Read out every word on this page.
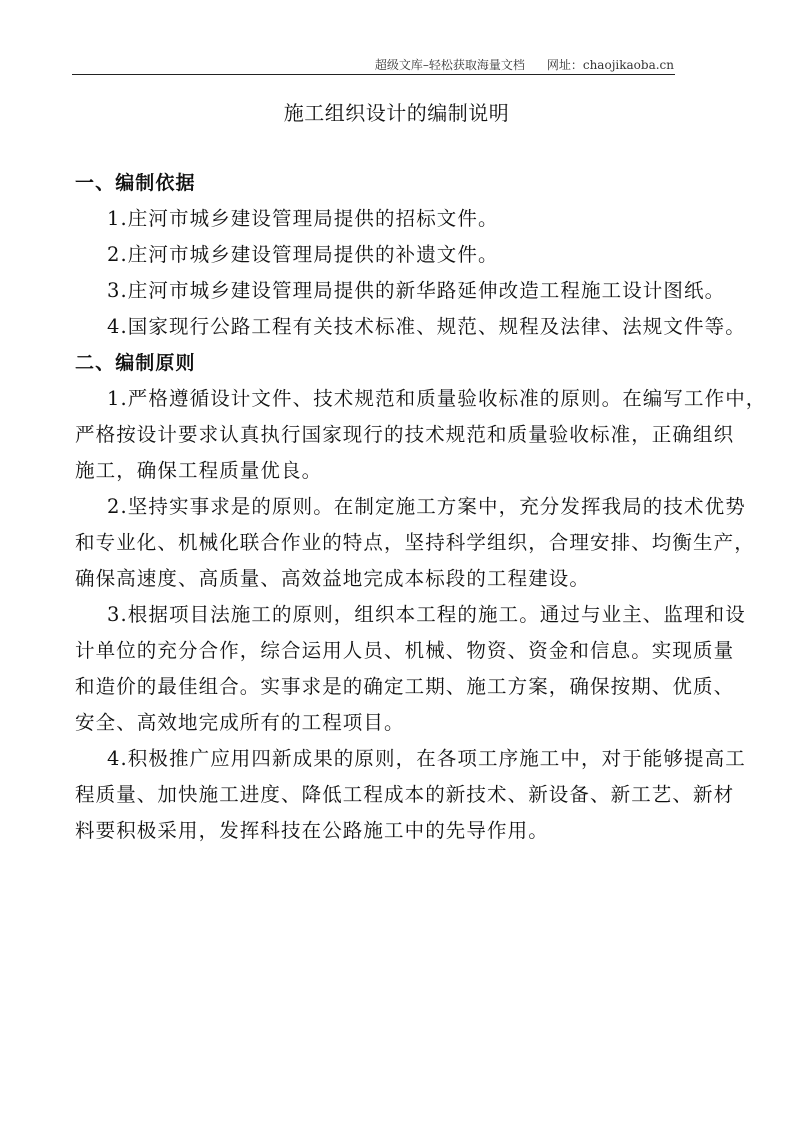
超级文库–轻松获取海量文档 网址：chaojikaoba.cn
施工组织设计的编制说明
一、编制依据
1.庄河市城乡建设管理局提供的招标文件。
2.庄河市城乡建设管理局提供的补遗文件。
3.庄河市城乡建设管理局提供的新华路延伸改造工程施工设计图纸。
4.国家现行公路工程有关技术标准、规范、规程及法律、法规文件等。
二、编制原则
1.严格遵循设计文件、技术规范和质量验收标准的原则。在编写工作中，
严格按设计要求认真执行国家现行的技术规范和质量验收标准，正确组织
施工，确保工程质量优良。
2.坚持实事求是的原则。在制定施工方案中，充分发挥我局的技术优势
和专业化、机械化联合作业的特点，坚持科学组织，合理安排、均衡生产，
确保高速度、高质量、高效益地完成本标段的工程建设。
3.根据项目法施工的原则，组织本工程的施工。通过与业主、监理和设
计单位的充分合作，综合运用人员、机械、物资、资金和信息。实现质量
和造价的最佳组合。实事求是的确定工期、施工方案，确保按期、优质、
安全、高效地完成所有的工程项目。
4.积极推广应用四新成果的原则，在各项工序施工中，对于能够提高工
程质量、加快施工进度、降低工程成本的新技术、新设备、新工艺、新材
料要积极采用，发挥科技在公路施工中的先导作用。
